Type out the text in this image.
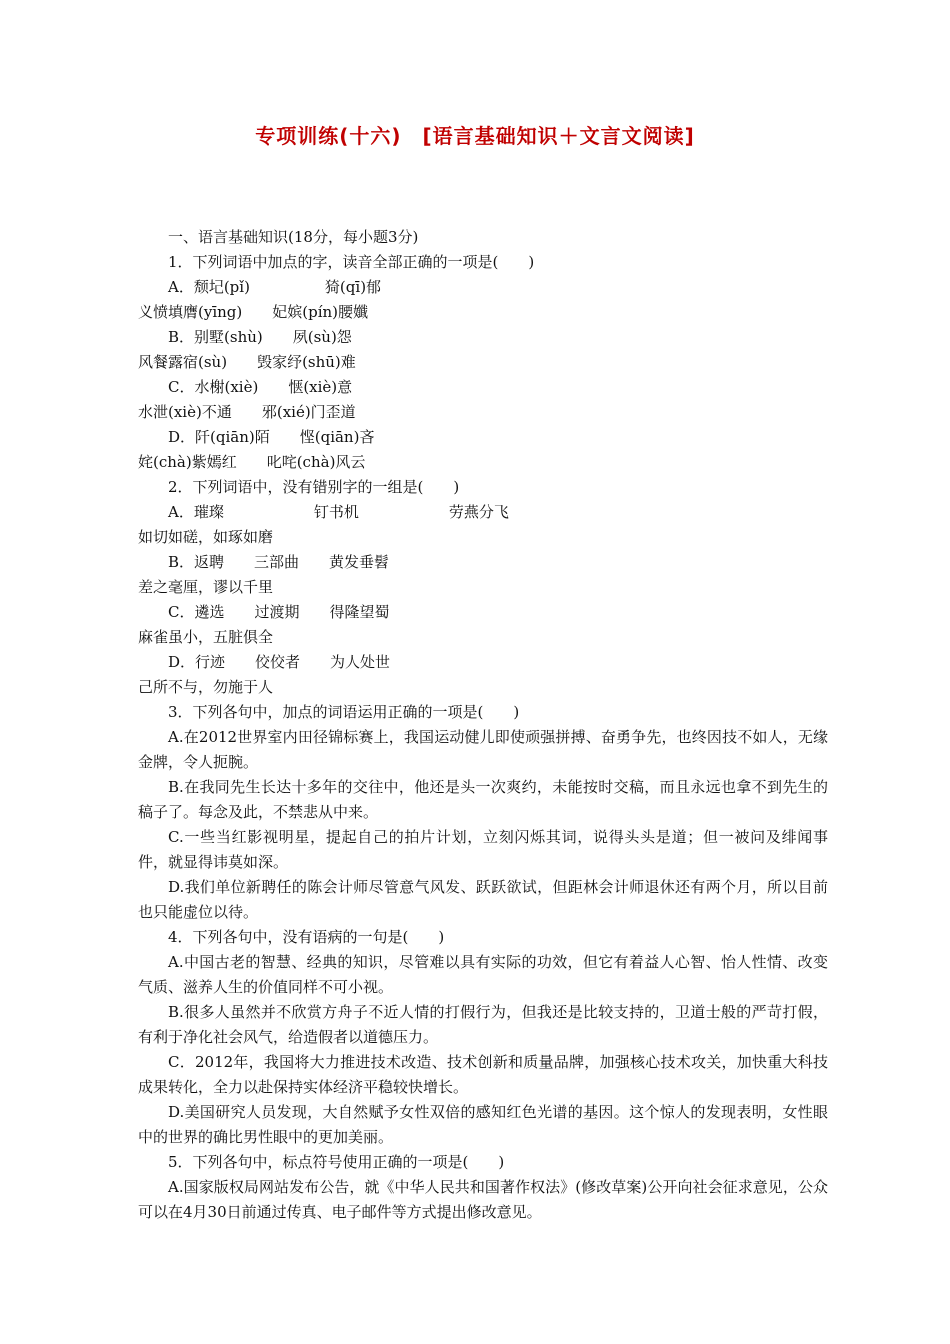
专项训练(十六)　[语言基础知识＋文言文阅读]
一、语言基础知识(18分，每小题3分)
1．下列词语中加点的字，读音全部正确的一项是(　　)
A．颓圮(pǐ)　　　　　猗(qī)郁
义愤填膺(yīng)　　妃嫔(pín)腰孅
B．别墅(shù)　　夙(sù)怨
风餐露宿(sù)　　毁家纾(shū)难
C．水榭(xiè)　　惬(xiè)意
水泄(xiè)不通　　邪(xié)门歪道
D．阡(qiān)陌　　悭(qiān)吝
姹(chà)紫嫣红　　叱咤(chà)风云
2．下列词语中，没有错别字的一组是(　　)
A．璀璨　　　　　　钉书机　　　　　　劳燕分飞
如切如磋，如琢如磨
B．返聘　　三部曲　　黄发垂髫
差之毫厘，谬以千里
C．遴选　　过渡期　　得隆望蜀
麻雀虽小，五脏俱全
D．行迹　　佼佼者　　为人处世
己所不与，勿施于人
3．下列各句中，加点的词语运用正确的一项是(　　)
A.在2012世界室内田径锦标赛上，我国运动健儿即使顽强拼搏、奋勇争先，也终因技不如人，无缘金牌，令人扼腕。
B.在我同先生长达十多年的交往中，他还是头一次爽约，未能按时交稿，而且永远也拿不到先生的稿子了。每念及此，不禁悲从中来。
C.一些当红影视明星，提起自己的拍片计划，立刻闪烁其词，说得头头是道；但一被问及绯闻事件，就显得讳莫如深。
D.我们单位新聘任的陈会计师尽管意气风发、跃跃欲试，但距林会计师退休还有两个月，所以目前也只能虚位以待。
4．下列各句中，没有语病的一句是(　　)
A.中国古老的智慧、经典的知识，尽管难以具有实际的功效，但它有着益人心智、怡人性情、改变气质、滋养人生的价值同样不可小视。
B.很多人虽然并不欣赏方舟子不近人情的打假行为，但我还是比较支持的，卫道士般的严苛打假，有利于净化社会风气，给造假者以道德压力。
C．2012年，我国将大力推进技术改造、技术创新和质量品牌，加强核心技术攻关，加快重大科技成果转化，全力以赴保持实体经济平稳较快增长。
D.美国研究人员发现，大自然赋予女性双倍的感知红色光谱的基因。这个惊人的发现表明，女性眼中的世界的确比男性眼中的更加美丽。
5．下列各句中，标点符号使用正确的一项是(　　)
A.国家版权局网站发布公告，就《中华人民共和国著作权法》(修改草案)公开向社会征求意见，公众可以在4月30日前通过传真、电子邮件等方式提出修改意见。
